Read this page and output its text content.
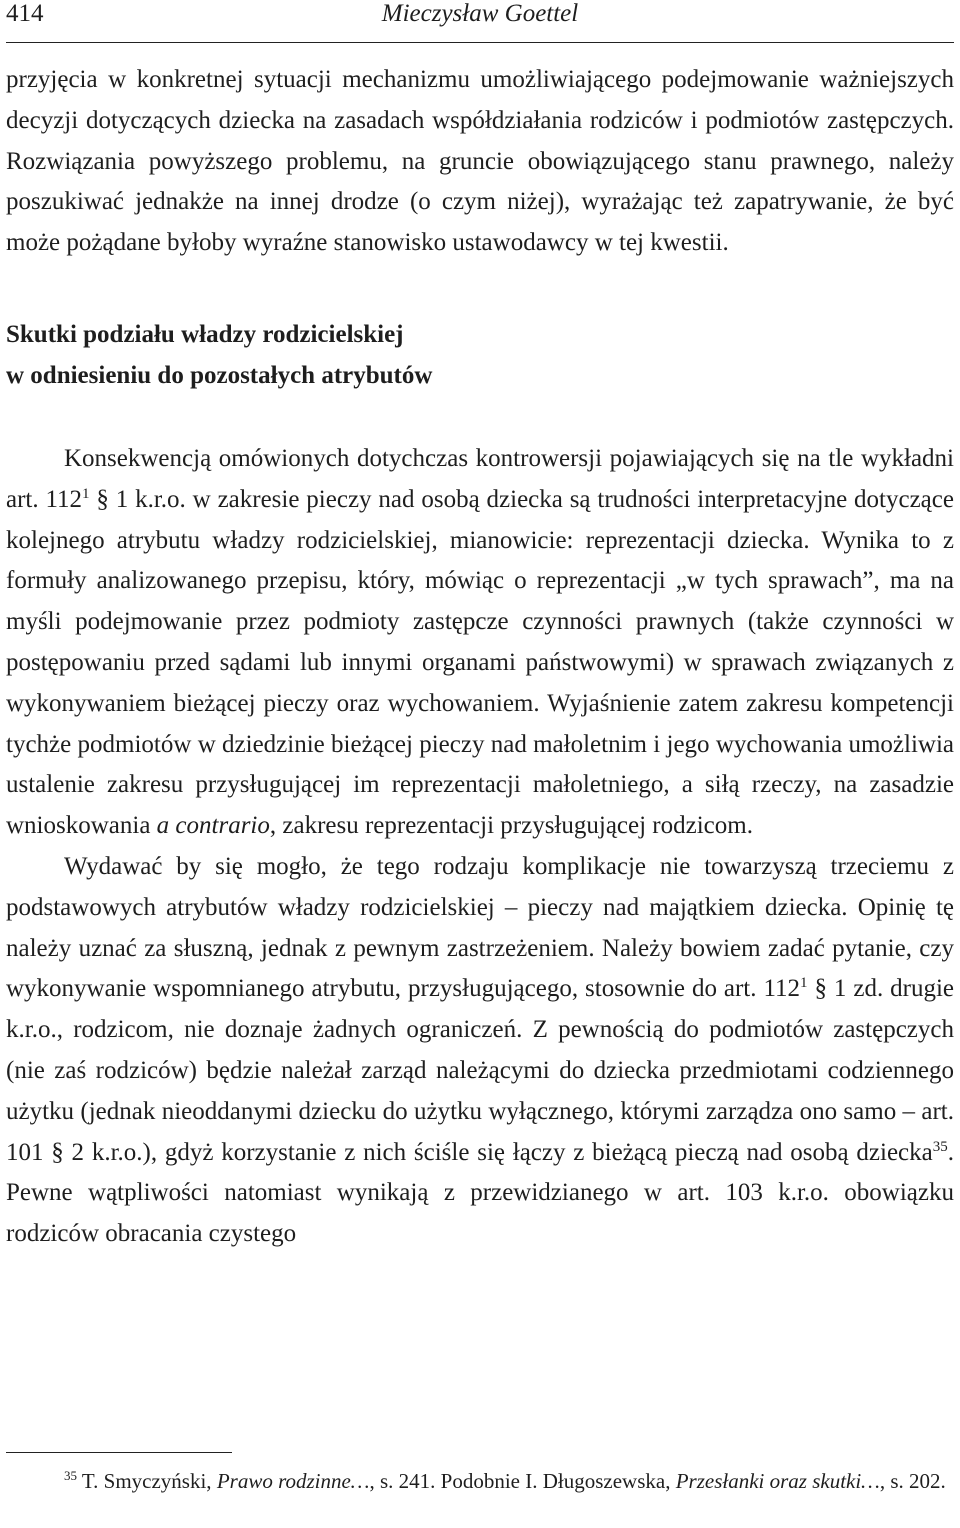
414	Mieczysław Goettel

przyjęcia w konkretnej sytuacji mechanizmu umożliwiającego podejmowanie ważniejszych decyzji dotyczących dziecka na zasadach współdziałania rodziców i podmiotów zastępczych. Rozwiązania powyższego problemu, na gruncie obowiązującego stanu prawnego, należy poszukiwać jednakże na innej drodze (o czym niżej), wyrażając też zapatrywanie, że być może pożądane byłoby wyraźne stanowisko ustawodawcy w tej kwestii.

Skutki podziału władzy rodzicielskiej
w odniesieniu do pozostałych atrybutów

Konsekwencją omówionych dotychczas kontrowersji pojawiających się na tle wykładni art. $112^1$ § 1 k.r.o. w zakresie pieczy nad osobą dziecka są trudności interpretacyjne dotyczące kolejnego atrybutu władzy rodzicielskiej, mianowicie: reprezentacji dziecka. Wynika to z formuły analizowanego przepisu, który, mówiąc o reprezentacji „w tych sprawach”, ma na myśli podejmowanie przez podmioty zastępcze czynności prawnych (także czynności w postępowaniu przed sądami lub innymi organami państwowymi) w sprawach związanych z wykonywaniem bieżącej pieczy oraz wychowaniem. Wyjaśnienie zatem zakresu kompetencji tychże podmiotów w dziedzinie bieżącej pieczy nad małoletnim i jego wychowania umożliwia ustalenie zakresu przysługującej im reprezentacji małoletniego, a siłą rzeczy, na zasadzie wnioskowania a contrario, zakresu reprezentacji przysługującej rodzicom.

Wydawać by się mogło, że tego rodzaju komplikacje nie towarzyszą trzeciemu z podstawowych atrybutów władzy rodzicielskiej – pieczy nad majątkiem dziecka. Opinię tę należy uznać za słuszną, jednak z pewnym zastrzeżeniem. Należy bowiem zadać pytanie, czy wykonywanie wspomnianego atrybutu, przysługującego, stosownie do art. $112^1$ § 1 zd. drugie k.r.o., rodzicom, nie doznaje żadnych ograniczeń. Z pewnością do podmiotów zastępczych (nie zaś rodziców) będzie należał zarząd należącymi do dziecka przedmiotami codziennego użytku (jednak nieoddanymi dziecku do użytku wyłącznego, którymi zarządza ono samo – art. 101 § 2 k.r.o.), gdyż korzystanie z nich ściśle się łączy z bieżącą pieczą nad osobą dziecka$^{35}$. Pewne wątpliwości natomiast wynikają z przewidzianego w art. 103 k.r.o. obowiązku rodziców obracania czystego

$^{35}$ T. Smyczyński, Prawo rodzinne…, s. 241. Podobnie I. Długoszewska, Przesłanki oraz skutki…, s. 202.
